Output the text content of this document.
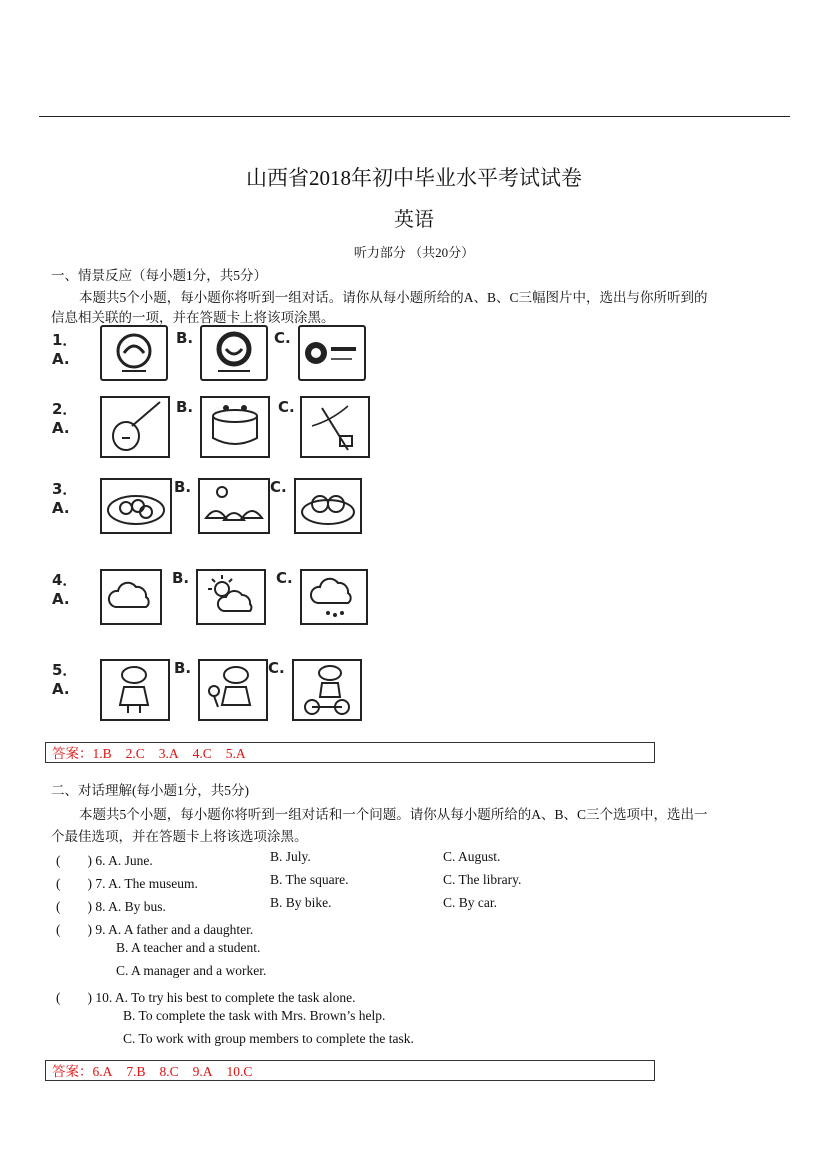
山西省2018年初中毕业水平考试试卷
英语
听力部分 （共20分）
一、情景反应（每小题1分，共5分）
本题共5个小题，每小题你将听到一组对话。请你从每小题所给的A、B、C三幅图片中，选出与你所听到的
信息相关联的一项，并在答题卡上将该项涂黑。
1．A.
B.	C.
2．A.
B.	C.
3．A.
B.	C.
4．A.
B.	C.
5．A.
B.	C.
答案：1.B 2.C 3.A 4.C 5.A
二、对话理解(每小题1分，共5分)
本题共5个小题，每小题你将听到一组对话和一个问题。请你从每小题所给的A、B、C三个选项中，选出一
个最佳选项，并在答题卡上将该选项涂黑。
(　　) 6. A. June.	B. July.	C. August.
(　　) 7. A. The museum.	B. The square.	C. The library.
(　　) 8. A. By bus.	B. By bike.	C. By car.
(　　) 9. A. A father and a daughter.
B. A teacher and a student.
C. A manager and a worker.
(　　) 10. A. To try his best to complete the task alone.
B. To complete the task with Mrs. Brown’s help.
C. To work with group members to complete the task.
答案：6.A 7.B 8.C 9.A 10.C
